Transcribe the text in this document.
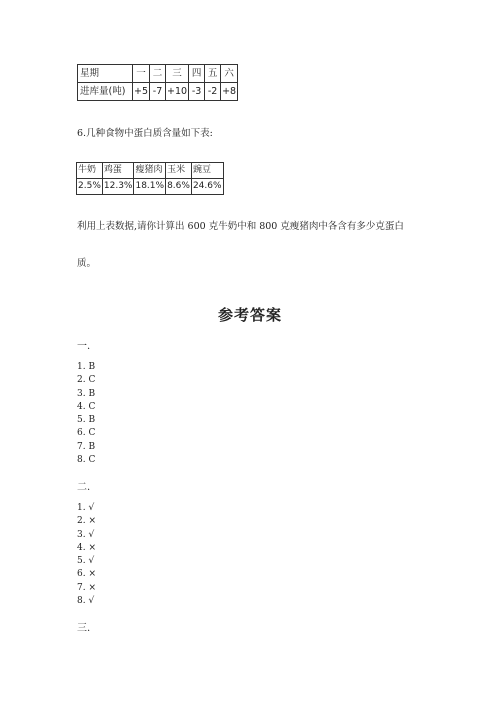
星期	一	二	三	四	五	六
进库量(吨)	+5	-7	+10	-3	-2	+8
6.几种食物中蛋白质含量如下表:
牛奶	鸡蛋	瘦猪肉	玉米	豌豆
2.5%	12.3%	18.1%	8.6%	24.6%
利用上表数据,请你计算出 600 克牛奶中和 800 克瘦猪肉中各含有多少克蛋白
质。
参考答案
一.
1. B
2. C
3. B
4. C
5. B
6. C
7. B
8. C
二.
1. √
2. ×
3. √
4. ×
5. √
6. ×
7. ×
8. √
三.
